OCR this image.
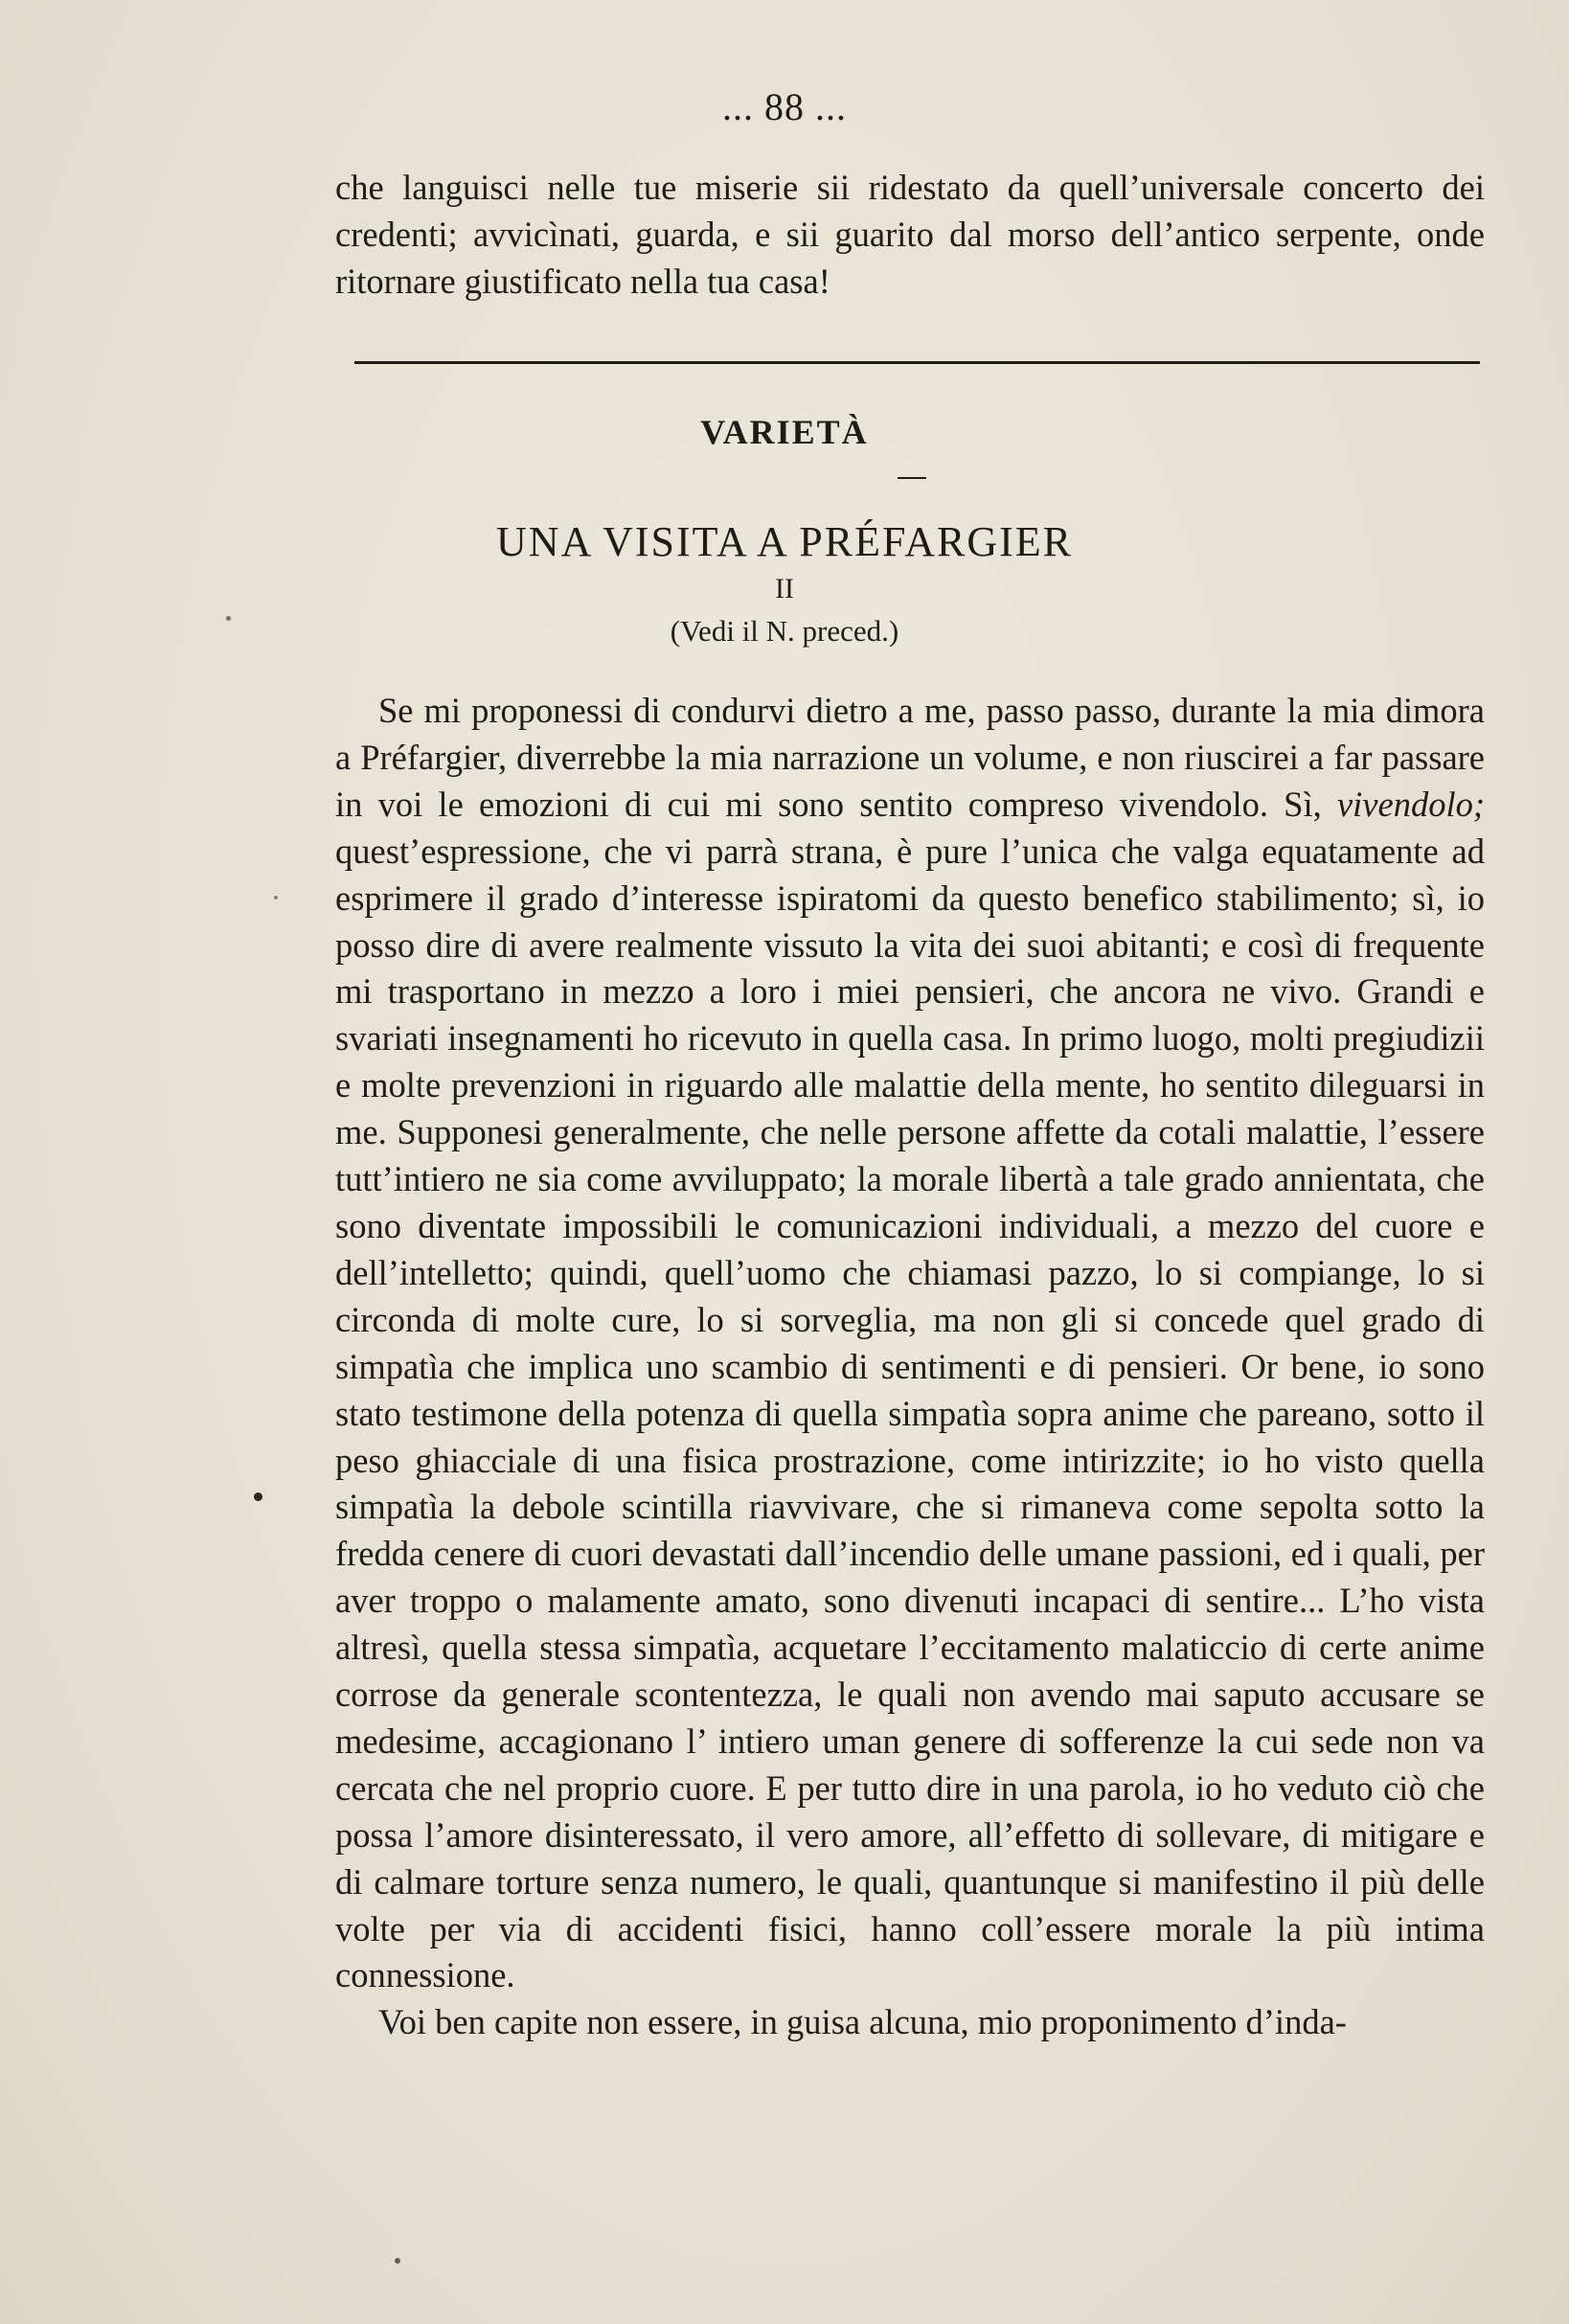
... 88 ...

che languisci nelle tue miserie sii ridestato da quell’universale concerto dei credenti; avvicìnati, guarda, e sii guarito dal morso dell’antico serpente, onde ritornare giustificato nella tua casa!

VARIETÀ
UNA VISITA A PRÉFARGIER
II
(Vedi il N. preced.)

Se mi proponessi di condurvi dietro a me, passo passo, durante la mia dimora a Préfargier, diverrebbe la mia narrazione un volume, e non riuscirei a far passare in voi le emozioni di cui mi sono sentito compreso vivendolo. Sì, vivendolo; quest’espressione, che vi parrà strana, è pure l’unica che valga equatamente ad esprimere il grado d’interesse ispiratomi da questo benefico stabilimento; sì, io posso dire di avere realmente vissuto la vita dei suoi abitanti; e così di frequente mi trasportano in mezzo a loro i miei pensieri, che ancora ne vivo. Grandi e svariati insegnamenti ho ricevuto in quella casa. In primo luogo, molti pregiudizii e molte prevenzioni in riguardo alle malattie della mente, ho sentito dileguarsi in me. Supponesi generalmente, che nelle persone affette da cotali malattie, l’essere tutt’intiero ne sia come avviluppato; la morale libertà a tale grado annientata, che sono diventate impossibili le comunicazioni individuali, a mezzo del cuore e dell’intelletto; quindi, quell’uomo che chiamasi pazzo, lo si compiange, lo si circonda di molte cure, lo si sorveglia, ma non gli si concede quel grado di simpatìa che implica uno scambio di sentimenti e di pensieri. Or bene, io sono stato testimone della potenza di quella simpatìa sopra anime che pareano, sotto il peso ghiacciale di una fisica prostrazione, come intirizzite; io ho visto quella simpatìa la debole scintilla riavvivare, che si rimaneva come sepolta sotto la fredda cenere di cuori devastati dall’incendio delle umane passioni, ed i quali, per aver troppo o malamente amato, sono divenuti incapaci di sentire... L’ho vista altresì, quella stessa simpatìa, acquetare l’eccitamento malaticcio di certe anime corrose da generale scontentezza, le quali non avendo mai saputo accusare se medesime, accagionano l’ intiero uman genere di sofferenze la cui sede non va cercata che nel proprio cuore. E per tutto dire in una parola, io ho veduto ciò che possa l’amore disinteressato, il vero amore, all’effetto di sollevare, di mitigare e di calmare torture senza numero, le quali, quantunque si manifestino il più delle volte per via di accidenti fisici, hanno coll’essere morale la più intima connessione.

Voi ben capite non essere, in guisa alcuna, mio proponimento d’inda-
